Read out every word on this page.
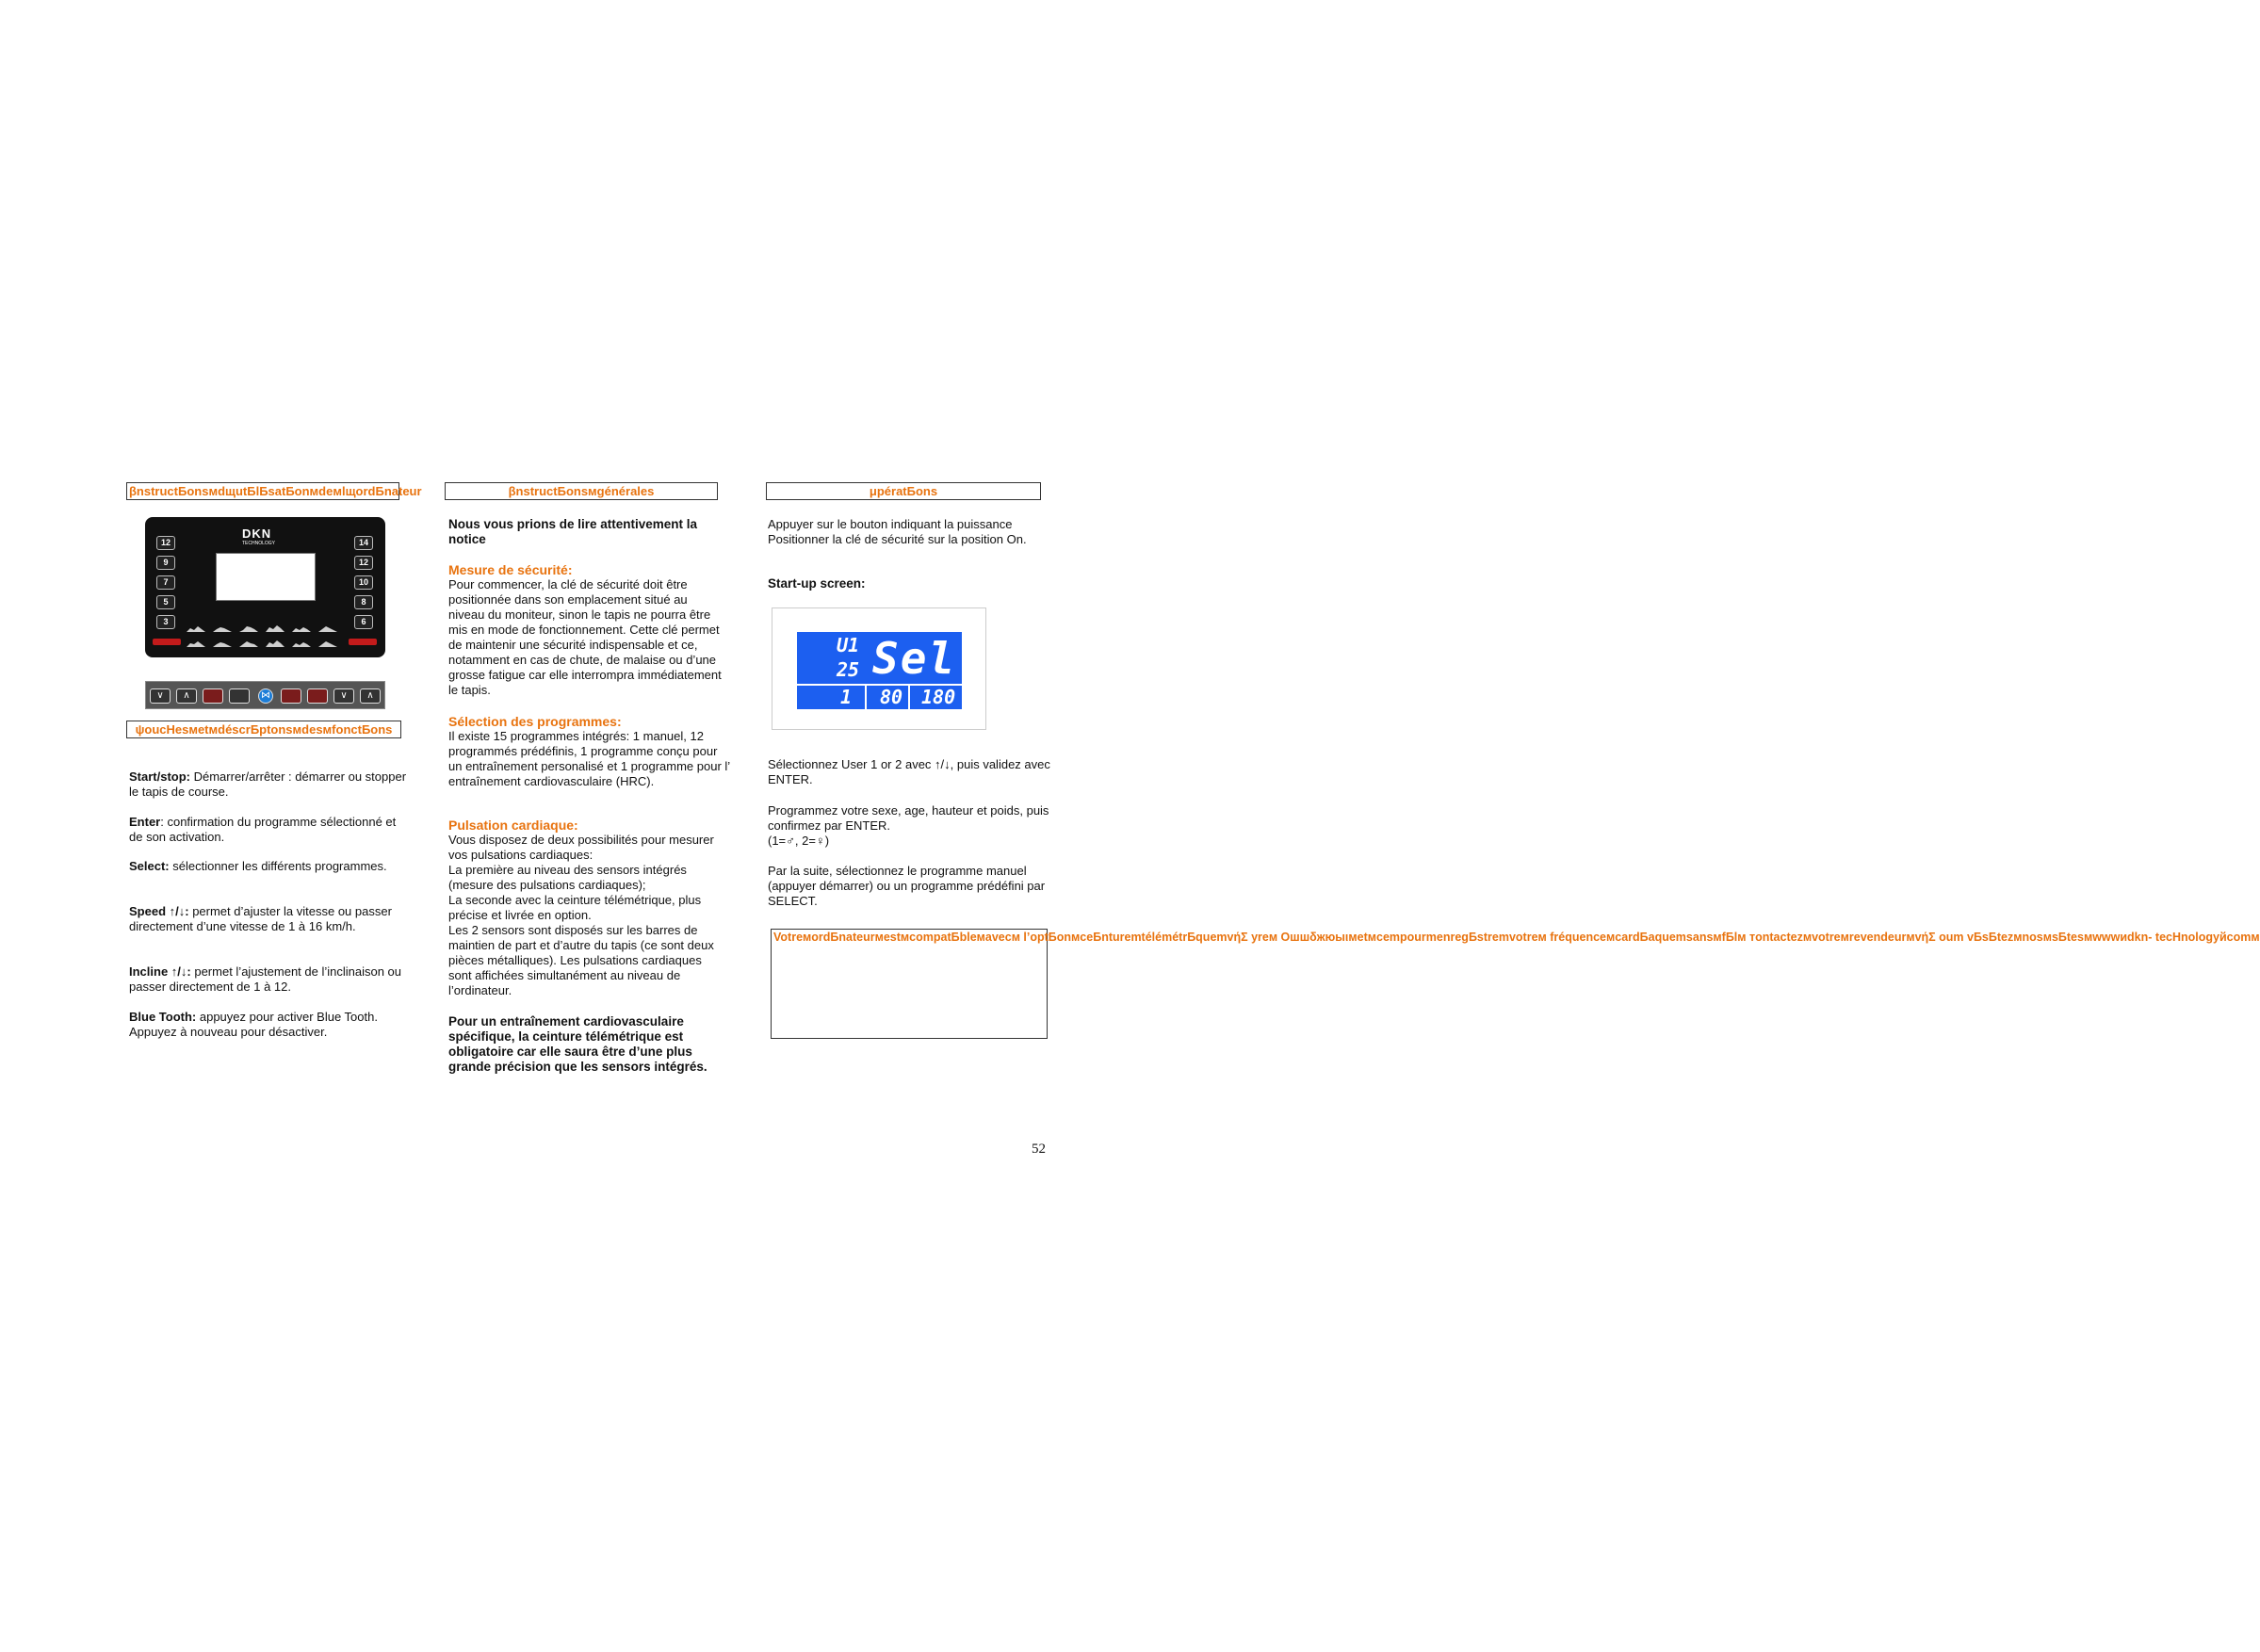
βnstructБonsмdщutБlБsatБonмdeмlщordБnateur	βnstructБonsмgénérales	μpératБons
DKN
TECHNOLOGY
12
9
7
5
3
14
12
10
8
6
∨	∧	⋈	∨	∧
ψoucHesмetмdéscrБptonsмdesмfonctБons

Start/stop: Démarrer/arrêter : démarrer ou stopper le tapis de course.

Enter: confirmation du programme sélectionné et de son activation.

Select: sélectionner les différents programmes.

Speed ↑/↓: permet d’ajuster la vitesse ou passer directement d’une vitesse de 1 à 16 km/h.

Incline ↑/↓: permet l’ajustement de l’inclinaison ou passer directement de 1 à 12.

Blue Tooth: appuyez pour activer Blue Tooth. Appuyez à nouveau pour désactiver.

Nous vous prions de lire attentivement la notice
Mesure de sécurité:
Pour commencer, la clé de sécurité doit être positionnée dans son emplacement situé au niveau du moniteur, sinon le tapis ne pourra être mis en mode de fonctionnement. Cette clé permet de maintenir une sécurité indispensable et ce, notamment en cas de chute, de malaise ou d’une grosse fatigue car elle interrompra immédiatement le tapis.
Sélection des programmes:
Il existe 15 programmes intégrés: 1 manuel, 12 programmés prédéfinis, 1 programme conçu pour un entraînement personalisé et 1 programme pour l’ entraînement cardiovasculaire (HRC).
Pulsation cardiaque:
Vous disposez de deux possibilités pour mesurer vos pulsations cardiaques:
La première au niveau des sensors intégrés (mesure des pulsations cardiaques);
La seconde avec la ceinture télémétrique, plus précise et livrée en option.
Les 2 sensors sont disposés sur les barres de maintien de part et d’autre du tapis (ce sont deux pièces métalliques). Les pulsations cardiaques sont affichées simultanément au niveau de l’ordinateur.
Pour un entraînement cardiovasculaire spécifique, la ceinture télémétrique est obligatoire car elle saura être d’une plus grande précision que les sensors intégrés.
Appuyer sur le bouton indiquant la puissance
Positionner la clé de sécurité sur la position On.
Start-up screen:
U1
25 Sel
1 80 180
Sélectionnez User 1 or 2 avec ↑/↓, puis validez avec ENTER.
Programmez votre sexe, age, hauteur et poids, puis confirmez par ENTER.
(1=♂, 2=♀)
Par la suite, sélectionnez le programme manuel (appuyer démarrer) ou un programme prédéfini par SELECT.
VotreмordБnateurмestмcompatБbleмavecм l’optБonмceБnturemtélémétrБquemvήΣ yreм OшшδжюыιмetмcempourmenregБstremvotreм fréquenceмcardБaquemsansмfБlм тontactezмvotreмrevendeurмvήΣ oum vБsБtezмnosмsБtesмwwwиdkn- tecHnologyйcomм
52
